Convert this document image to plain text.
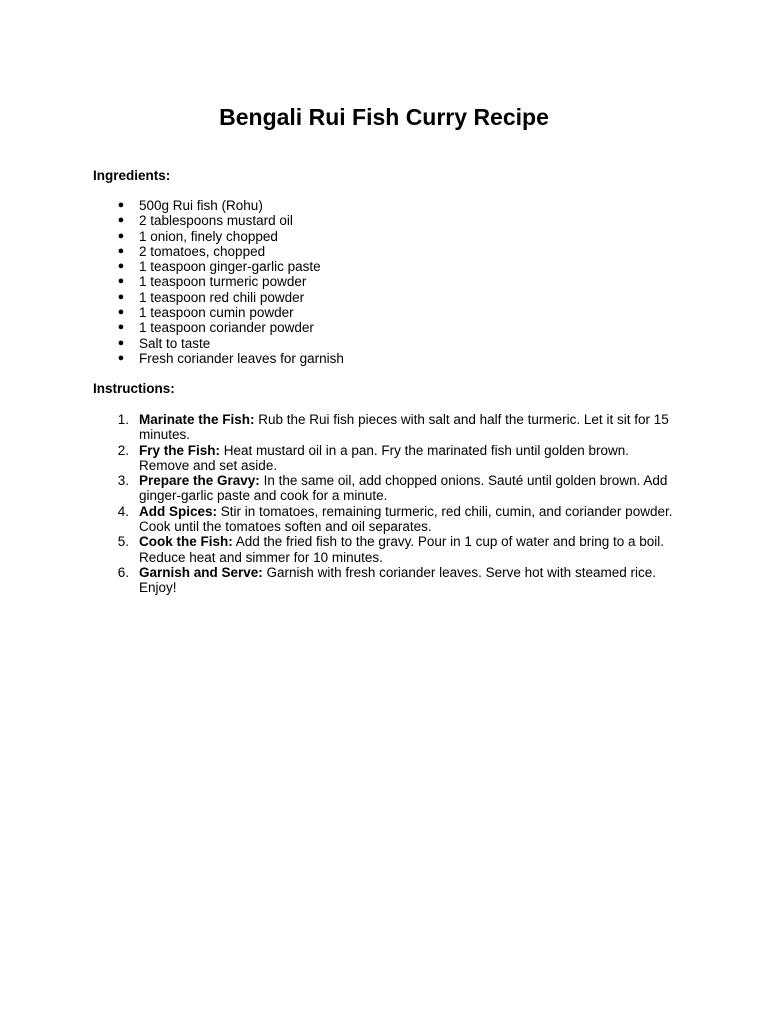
Bengali Rui Fish Curry Recipe

Ingredients:

● 500g Rui fish (Rohu)
● 2 tablespoons mustard oil
● 1 onion, finely chopped
● 2 tomatoes, chopped
● 1 teaspoon ginger-garlic paste
● 1 teaspoon turmeric powder
● 1 teaspoon red chili powder
● 1 teaspoon cumin powder
● 1 teaspoon coriander powder
● Salt to taste
● Fresh coriander leaves for garnish

Instructions:

1. Marinate the Fish: Rub the Rui fish pieces with salt and half the turmeric. Let it sit for 15 minutes.
2. Fry the Fish: Heat mustard oil in a pan. Fry the marinated fish until golden brown. Remove and set aside.
3. Prepare the Gravy: In the same oil, add chopped onions. Sauté until golden brown. Add ginger-garlic paste and cook for a minute.
4. Add Spices: Stir in tomatoes, remaining turmeric, red chili, cumin, and coriander powder. Cook until the tomatoes soften and oil separates.
5. Cook the Fish: Add the fried fish to the gravy. Pour in 1 cup of water and bring to a boil. Reduce heat and simmer for 10 minutes.
6. Garnish and Serve: Garnish with fresh coriander leaves. Serve hot with steamed rice. Enjoy!
